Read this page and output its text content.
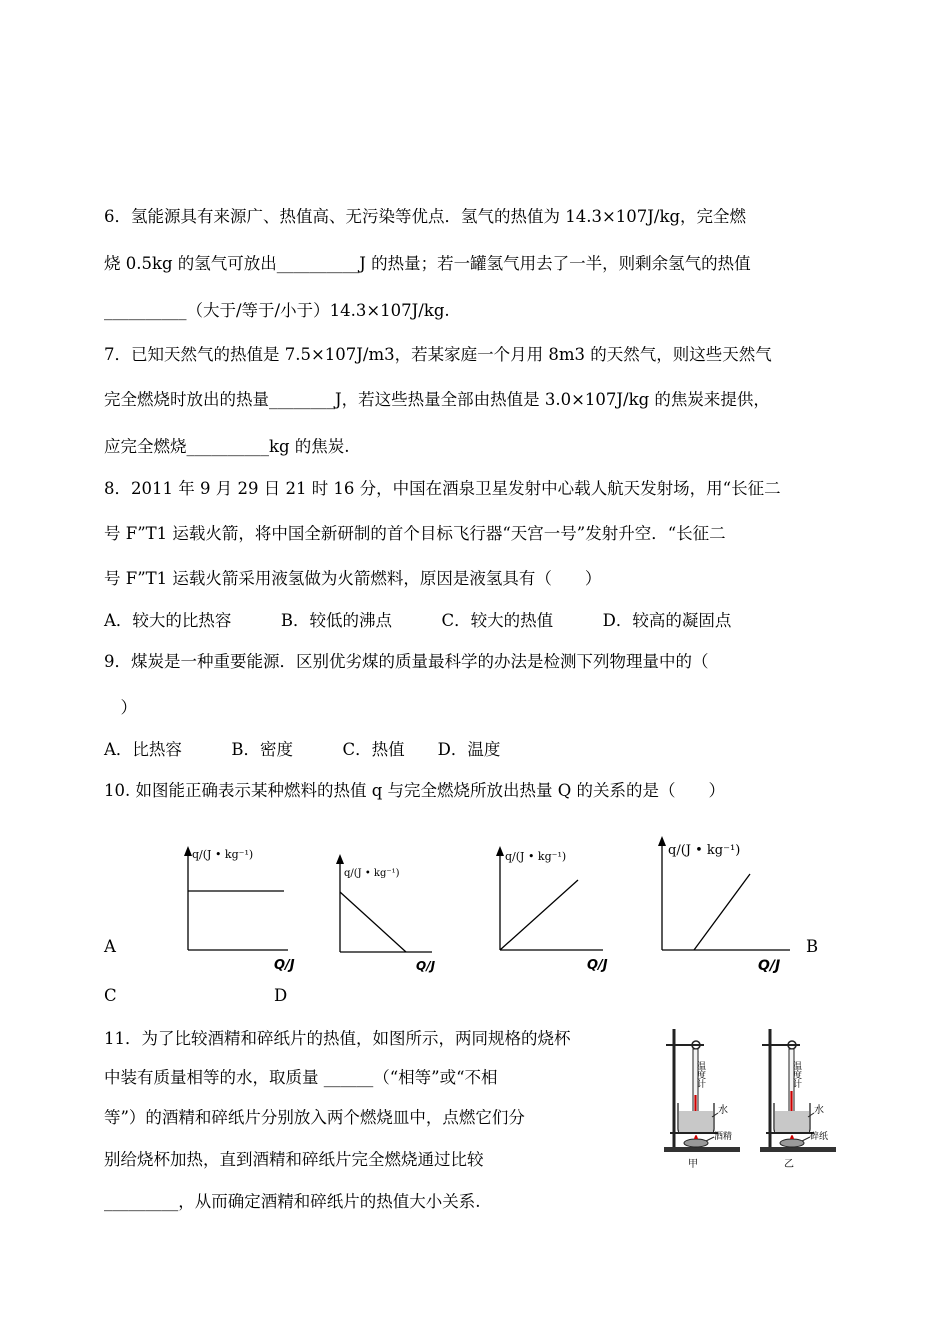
6．氢能源具有来源广、热值高、无污染等优点．氢气的热值为 14.3×107J/kg，完全燃
烧 0.5kg 的氢气可放出__________J 的热量；若一罐氢气用去了一半，则剩余氢气的热值
__________（大于/等于/小于）14.3×107J/kg.
7．已知天然气的热值是 7.5×107J/m3，若某家庭一个月用 8m3 的天然气，则这些天然气
完全燃烧时放出的热量________J，若这些热量全部由热值是 3.0×107J/kg 的焦炭来提供，
应完全燃烧__________kg 的焦炭.
8．2011 年 9 月 29 日 21 时 16 分，中国在酒泉卫星发射中心载人航天发射场，用“长征二
号 F”T1 运载火箭，将中国全新研制的首个目标飞行器“天宫一号”发射升空．“长征二
号 F”T1 运载火箭采用液氢做为火箭燃料，原因是液氢具有（　　）
A．较大的比热容　　　B．较低的沸点　　　C．较大的热值　　　D．较高的凝固点
9．煤炭是一种重要能源．区别优劣煤的质量最科学的办法是检测下列物理量中的（
　）
A．比热容　　　B．密度　　　C．热值　　D．温度
10. 如图能正确表示某种燃料的热值 q 与完全燃烧所放出热量 Q 的关系的是（　　）
q/(J • kg⁻¹)
Q/J
q/(J • kg⁻¹)
Q/J
q/(J • kg⁻¹)
Q/J
q/(J • kg⁻¹)
Q/J
A	B
C	D
11．为了比较酒精和碎纸片的热值，如图所示，两同规格的烧杯
中装有质量相等的水，取质量 ______（“相等”或“不相
等”）的酒精和碎纸片分别放入两个燃烧皿中，点燃它们分
别给烧杯加热，直到酒精和碎纸片完全燃烧通过比较
_________，从而确定酒精和碎纸片的热值大小关系.
温度计
水
酒精
甲
温度计
水
碎纸
乙
